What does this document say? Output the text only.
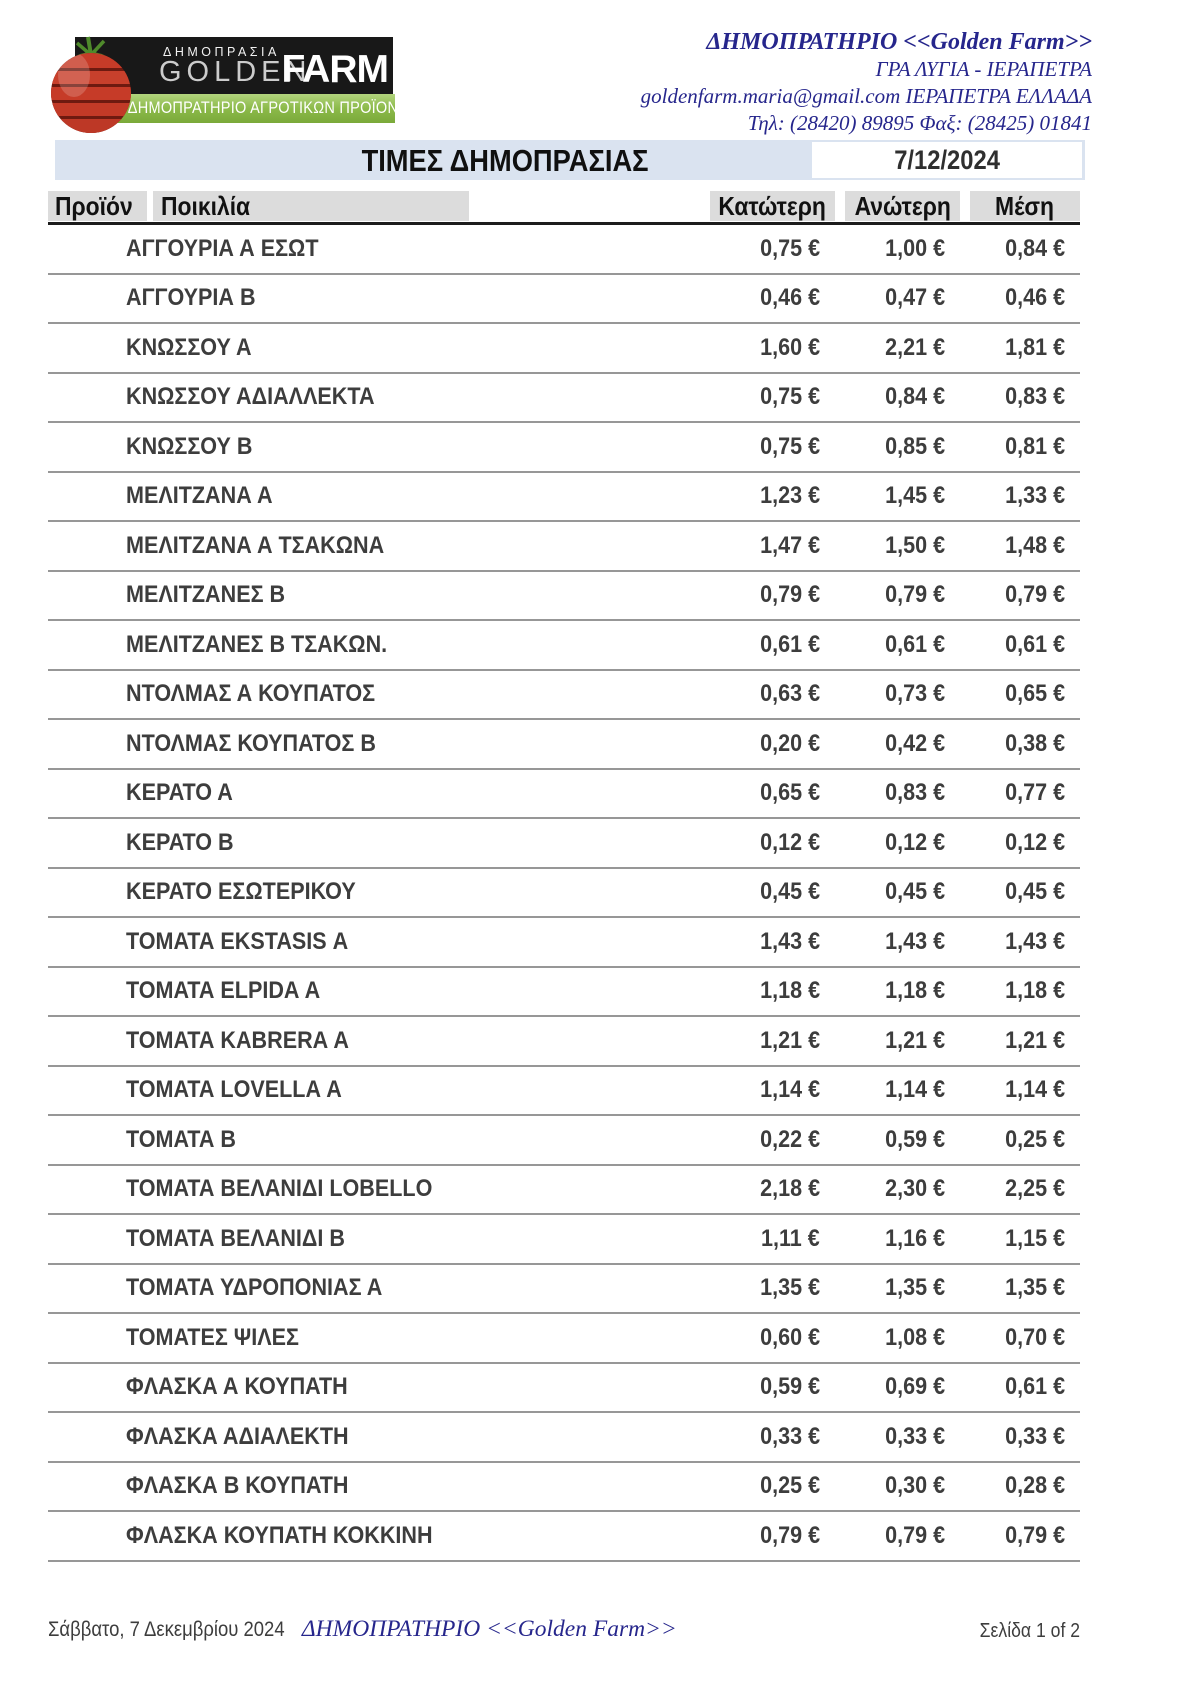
ΔΗΜΟΠΡΑΣΙΑ
GOLDEN
FARM
ΔΗΜΟΠΡΑΤΗΡΙΟ ΑΓΡΟΤΙΚΩΝ ΠΡΟΪΟΝΤΩΝ
ΔΗΜΟΠΡΑΤΗΡΙΟ <<Golden Farm>>
ΓΡΑ ΛΥΓΙΑ - ΙΕΡΑΠΕΤΡΑ
goldenfarm.maria@gmail.com ΙΕΡΑΠΕΤΡΑ ΕΛΛΑΔΑ
Τηλ: (28420) 89895 Φαξ: (28425) 01841
ΤΙΜΕΣ ΔΗΜΟΠΡΑΣΙΑΣ	7/12/2024
Προϊόν Ποικιλία	Κατώτερη Ανώτερη Μέση
ΑΓΓΟΥΡΙΑ Α ΕΣΩΤ	0,75 €	1,00 €	0,84 €
ΑΓΓΟΥΡΙΑ Β	0,46 €	0,47 €	0,46 €
ΚΝΩΣΣΟΥ Α	1,60 €	2,21 €	1,81 €
ΚΝΩΣΣΟΥ ΑΔΙΑΛΛΕΚΤΑ	0,75 €	0,84 €	0,83 €
ΚΝΩΣΣΟΥ Β	0,75 €	0,85 €	0,81 €
ΜΕΛΙΤΖΑΝΑ Α	1,23 €	1,45 €	1,33 €
ΜΕΛΙΤΖΑΝΑ Α ΤΣΑΚΩΝΑ	1,47 €	1,50 €	1,48 €
ΜΕΛΙΤΖΑΝΕΣ Β	0,79 €	0,79 €	0,79 €
ΜΕΛΙΤΖΑΝΕΣ Β ΤΣΑΚΩΝ.	0,61 €	0,61 €	0,61 €
ΝΤΟΛΜΑΣ Α ΚΟΥΠΑΤΟΣ	0,63 €	0,73 €	0,65 €
ΝΤΟΛΜΑΣ ΚΟΥΠΑΤΟΣ Β	0,20 €	0,42 €	0,38 €
ΚΕΡΑΤΟ Α	0,65 €	0,83 €	0,77 €
ΚΕΡΑΤΟ Β	0,12 €	0,12 €	0,12 €
ΚΕΡΑΤΟ ΕΣΩΤΕΡΙΚΟΥ	0,45 €	0,45 €	0,45 €
ΤΟΜΑΤΑ EKSTASIS Α	1,43 €	1,43 €	1,43 €
ΤΟΜΑΤΑ ELPIDA Α	1,18 €	1,18 €	1,18 €
ΤΟΜΑΤΑ KABRERA Α	1,21 €	1,21 €	1,21 €
ΤΟΜΑΤΑ LOVELLA Α	1,14 €	1,14 €	1,14 €
ΤΟΜΑΤΑ Β	0,22 €	0,59 €	0,25 €
ΤΟΜΑΤΑ ΒΕΛΑΝΙΔΙ LOBELLO	2,18 €	2,30 €	2,25 €
ΤΟΜΑΤΑ ΒΕΛΑΝΙΔΙ Β	1,11 €	1,16 €	1,15 €
ΤΟΜΑΤΑ ΥΔΡΟΠΟΝΙΑΣ Α	1,35 €	1,35 €	1,35 €
ΤΟΜΑΤΕΣ ΨΙΛΕΣ	0,60 €	1,08 €	0,70 €
ΦΛΑΣΚΑ Α ΚΟΥΠΑΤΗ	0,59 €	0,69 €	0,61 €
ΦΛΑΣΚΑ ΑΔΙΑΛΕΚΤΗ	0,33 €	0,33 €	0,33 €
ΦΛΑΣΚΑ Β ΚΟΥΠΑΤΗ	0,25 €	0,30 €	0,28 €
ΦΛΑΣΚΑ ΚΟΥΠΑΤΗ ΚΟΚΚΙΝΗ	0,79 €	0,79 €	0,79 €
Σάββατο, 7 Δεκεμβρίου 2024 ΔΗΜΟΠΡΑΤΗΡΙΟ <<Golden Farm>>	Σελίδα 1 of 2
